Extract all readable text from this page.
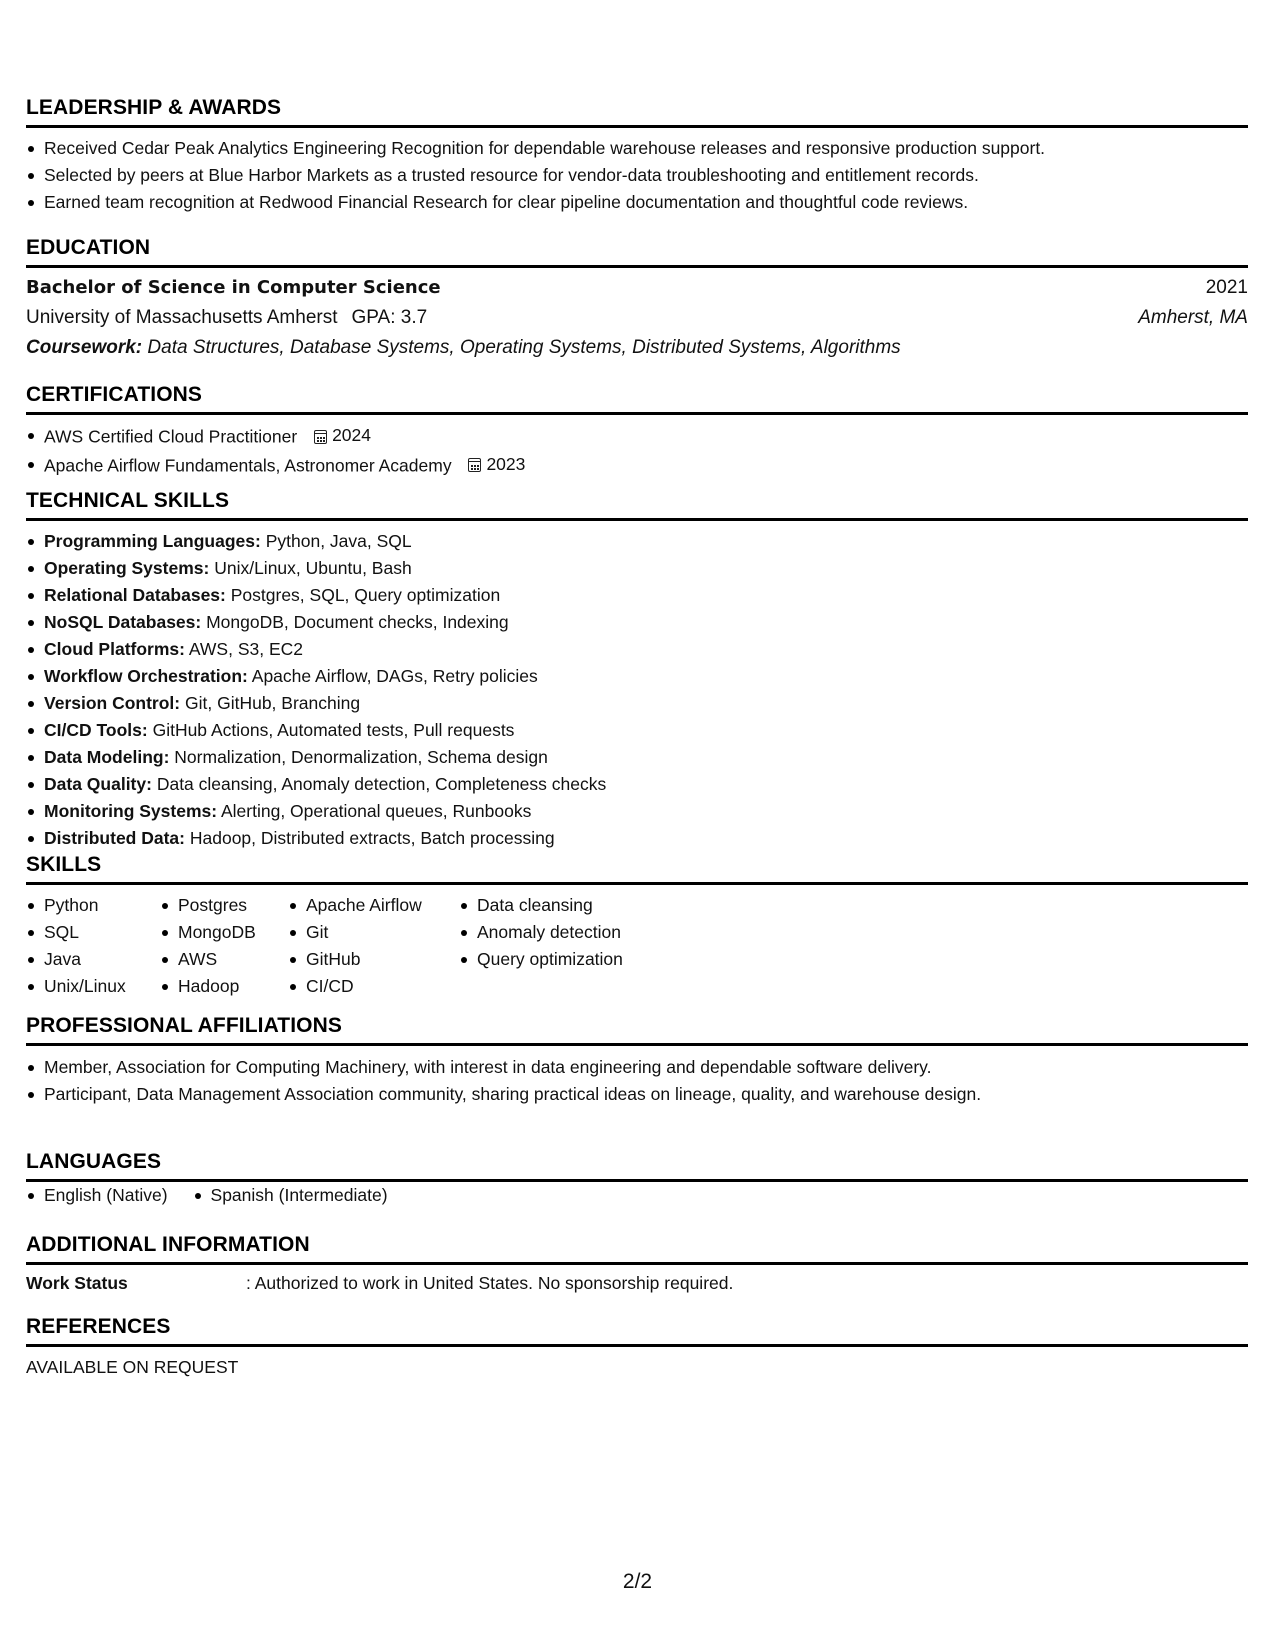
LEADERSHIP & AWARDS
Received Cedar Peak Analytics Engineering Recognition for dependable warehouse releases and responsive production support.
Selected by peers at Blue Harbor Markets as a trusted resource for vendor-data troubleshooting and entitlement records.
Earned team recognition at Redwood Financial Research for clear pipeline documentation and thoughtful code reviews.
EDUCATION
Bachelor of Science in Computer Science	2021
University of Massachusetts Amherst GPA: 3.7	Amherst, MA
Coursework: Data Structures, Database Systems, Operating Systems, Distributed Systems, Algorithms
CERTIFICATIONS
AWS Certified Cloud Practitioner 2024
Apache Airflow Fundamentals, Astronomer Academy 2023
TECHNICAL SKILLS
Programming Languages: Python, Java, SQL
Operating Systems: Unix/Linux, Ubuntu, Bash
Relational Databases: Postgres, SQL, Query optimization
NoSQL Databases: MongoDB, Document checks, Indexing
Cloud Platforms: AWS, S3, EC2
Workflow Orchestration: Apache Airflow, DAGs, Retry policies
Version Control: Git, GitHub, Branching
CI/CD Tools: GitHub Actions, Automated tests, Pull requests
Data Modeling: Normalization, Denormalization, Schema design
Data Quality: Data cleansing, Anomaly detection, Completeness checks
Monitoring Systems: Alerting, Operational queues, Runbooks
Distributed Data: Hadoop, Distributed extracts, Batch processing
SKILLS
Python
SQL
Java
Unix/Linux
Postgres
MongoDB
AWS
Hadoop
Apache Airflow
Git
GitHub
CI/CD
Data cleansing
Anomaly detection
Query optimization
PROFESSIONAL AFFILIATIONS
Member, Association for Computing Machinery, with interest in data engineering and dependable software delivery.
Participant, Data Management Association community, sharing practical ideas on lineage, quality, and warehouse design.
LANGUAGES
English (Native)	Spanish (Intermediate)
ADDITIONAL INFORMATION
Work Status	: Authorized to work in United States. No sponsorship required.
REFERENCES
AVAILABLE ON REQUEST
2/2
